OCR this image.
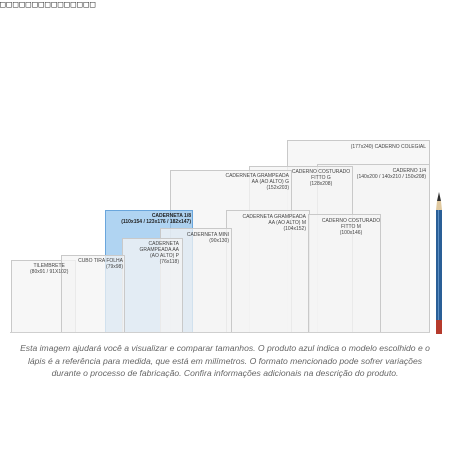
□□□□□□□□□□□□□□□
TILEMBRETE
(80x91 / 91X102)
CUBO TIRA FOLHA
(79x98)
CADERNETA 1/8
(110x154 / 123x176 / 182x147)
CADERNETA GRAMPEADA AA (AO ALTO) P
(76x118)
CADERNETA MINI
(90x130)
CADERNETA GRAMPEADA AA (AO ALTO) G
(152x203)
CADERNETA GRAMPEADA AA (AO ALTO) M
(104x152)
CADERNO COSTURADO FITTO G
(128x208)
CADERNO COSTURADO FITTO M
(100x146)
(177x240) CADERNO COLEGIAL
CADERNO 1/4
(140x200 / 140x210 / 150x208)
Esta imagem ajudará você a visualizar e comparar tamanhos. O produto azul indica o modelo escolhido e o lápis é a referência para medida, que está em milímetros. O formato mencionado pode sofrer variações durante o processo de fabricação. Confira informações adicionais na descrição do produto.
